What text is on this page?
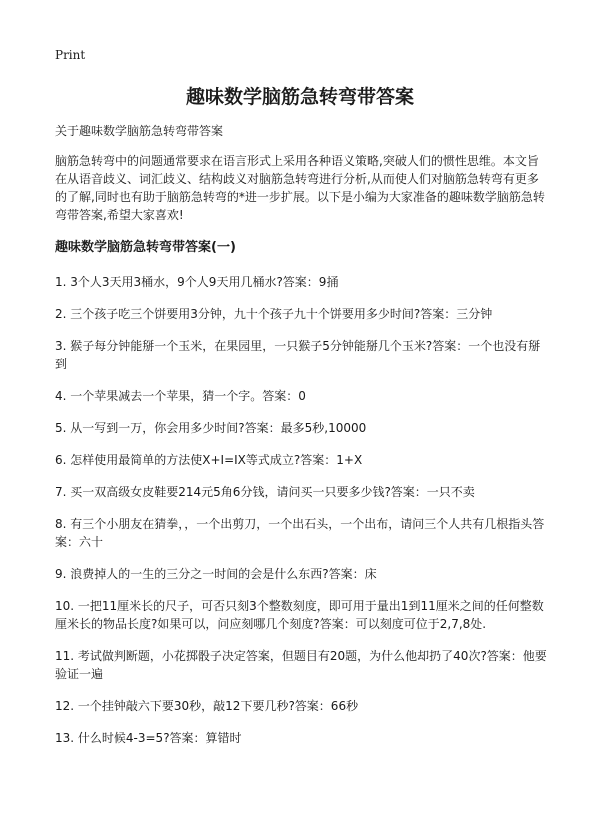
Print
趣味数学脑筋急转弯带答案

关于趣味数学脑筋急转弯带答案

脑筋急转弯中的问题通常要求在语言形式上采用各种语义策略,突破人们的惯性思维。本文旨在从语音歧义、词汇歧义、结构歧义对脑筋急转弯进行分析,从而使人们对脑筋急转弯有更多的了解,同时也有助于脑筋急转弯的*进一步扩展。以下是小编为大家准备的趣味数学脑筋急转弯带答案,希望大家喜欢!

趣味数学脑筋急转弯带答案(一)
1. 3个人3天用3桶水，9个人9天用几桶水?答案：9捅
2. 三个孩子吃三个饼要用3分钟，九十个孩子九十个饼要用多少时间?答案：三分钟
3. 猴子每分钟能掰一个玉米，在果园里，一只猴子5分钟能掰几个玉米?答案：一个也没有掰到
4. 一个苹果减去一个苹果，猜一个字。答案：0
5. 从一写到一万，你会用多少时间?答案：最多5秒,10000
6. 怎样使用最简单的方法使X+I=IX等式成立?答案：1+X
7. 买一双高级女皮鞋要214元5角6分钱，请问买一只要多少钱?答案：一只不卖
8. 有三个小朋友在猜拳，，一个出剪刀，一个出石头，一个出布，请问三个人共有几根指头答案：六十
9. 浪费掉人的一生的三分之一时间的会是什么东西?答案：床
10. 一把11厘米长的尺子，可否只刻3个整数刻度，即可用于量出1到11厘米之间的任何整数厘米长的物品长度?如果可以，问应刻哪几个刻度?答案：可以刻度可位于2,7,8处.
11. 考试做判断题，小花掷骰子决定答案，但题目有20题，为什么他却扔了40次?答案：他要验证一遍
12. 一个挂钟敲六下要30秒，敲12下要几秒?答案：66秒
13. 什么时候4-3=5?答案：算错时
